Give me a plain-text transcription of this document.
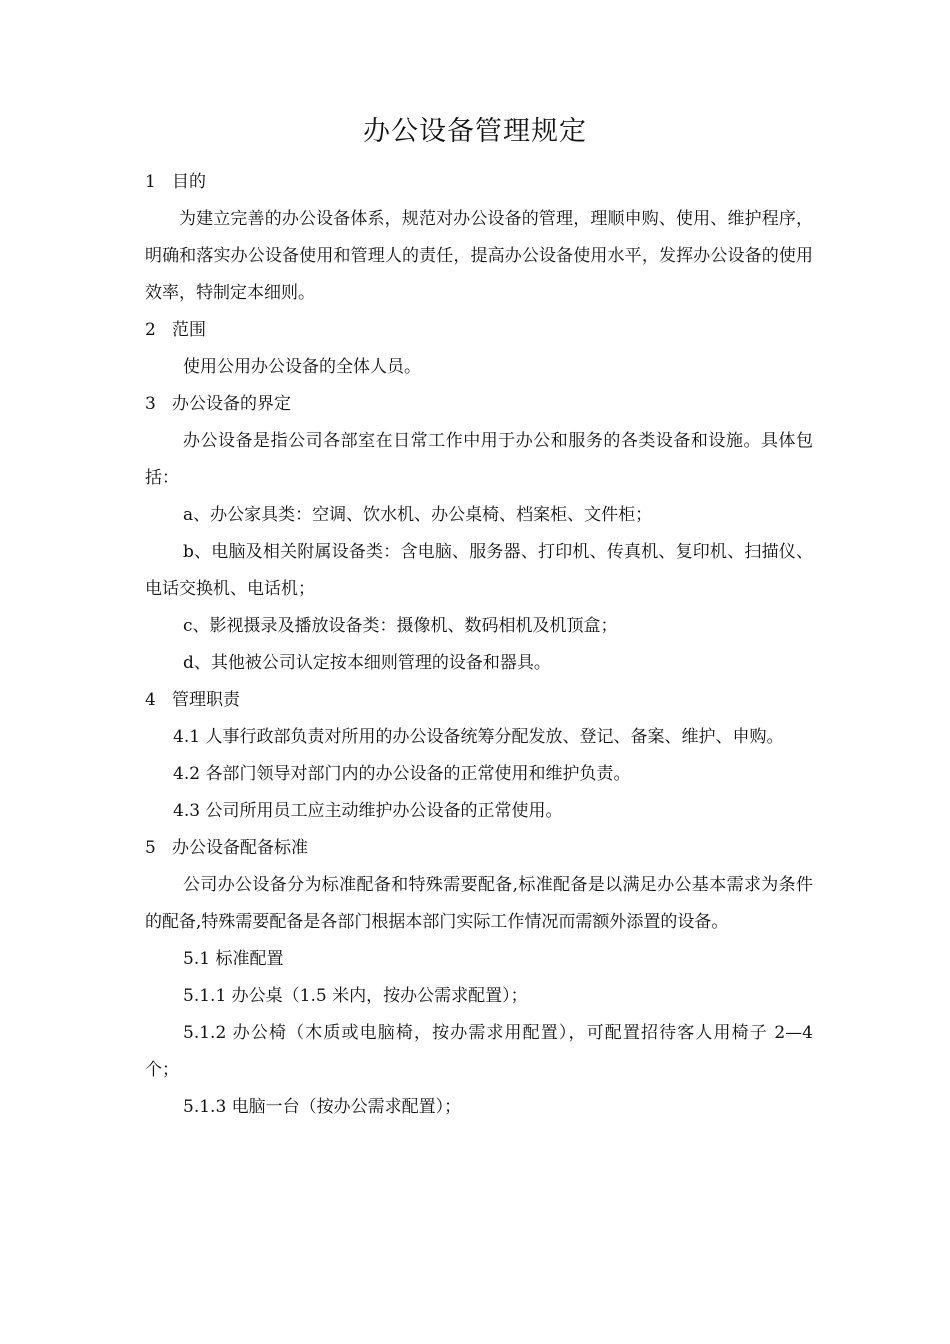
办公设备管理规定

1   目的

为建立完善的办公设备体系，规范对办公设备的管理，理顺申购、使用、维护程序，明确和落实办公设备使用和管理人的责任，提高办公设备使用水平，发挥办公设备的使用效率，特制定本细则。

2   范围

使用公用办公设备的全体人员。

3   办公设备的界定

办公设备是指公司各部室在日常工作中用于办公和服务的各类设备和设施。具体包括：

a、办公家具类：空调、饮水机、办公桌椅、档案柜、文件柜；

b、电脑及相关附属设备类：含电脑、服务器、打印机、传真机、复印机、扫描仪、电话交换机、电话机；

c、影视摄录及播放设备类：摄像机、数码相机及机顶盒；

d、其他被公司认定按本细则管理的设备和器具。

4   管理职责

4.1 人事行政部负责对所用的办公设备统筹分配发放、登记、备案、维护、申购。

4.2 各部门领导对部门内的办公设备的正常使用和维护负责。

4.3 公司所用员工应主动维护办公设备的正常使用。

5   办公设备配备标准

公司办公设备分为标准配备和特殊需要配备,标准配备是以满足办公基本需求为条件的配备,特殊需要配备是各部门根据本部门实际工作情况而需额外添置的设备。

5.1 标准配置

5.1.1 办公桌（1.5 米内，按办公需求配置）；

5.1.2 办公椅（木质或电脑椅，按办需求用配置），可配置招待客人用椅子 2—4 个；

5.1.3 电脑一台（按办公需求配置）；
